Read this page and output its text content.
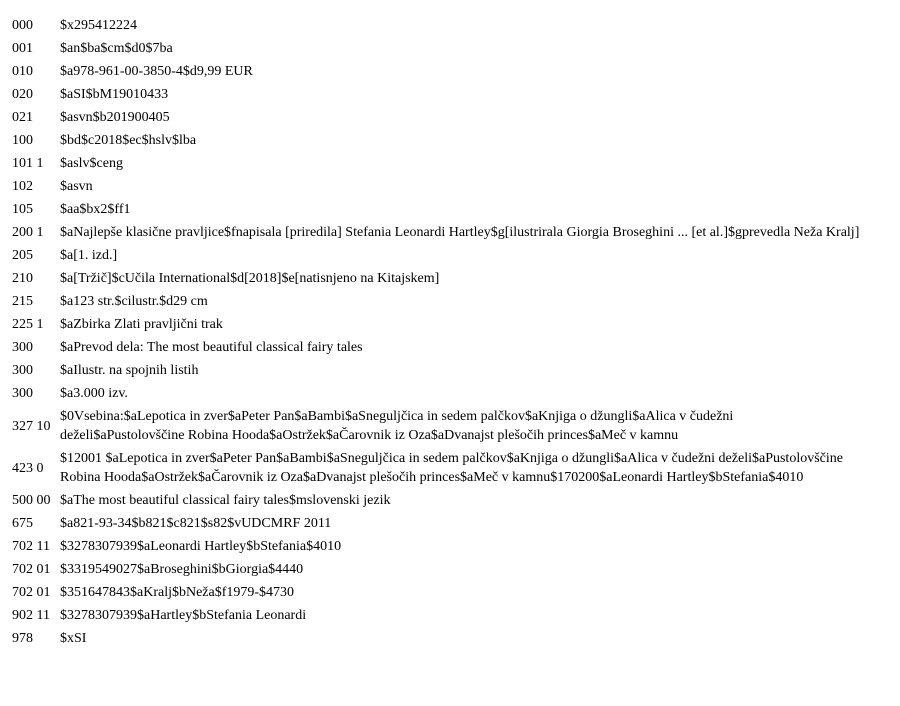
000	$x295412224
001	$an$ba$cm$d0$7ba
010	$a978-961-00-3850-4$d9,99 EUR
020	$aSI$bM19010433
021	$asvn$b201900405
100	$bd$c2018$ec$hslv$lba
101 1	$aslv$ceng
102	$asvn
105	$aa$bx2$ff1
200 1	$aNajlepše klasične pravljice$fnapisala [priredila] Stefania Leonardi Hartley$g[ilustrirala Giorgia Broseghini ... [et al.]$gprevedla Neža Kralj]
205	$a[1. izd.]
210	$a[Tržič]$cUčila International$d[2018]$e[natisnjeno na Kitajskem]
215	$a123 str.$cilustr.$d29 cm
225 1	$aZbirka Zlati pravljični trak
300	$aPrevod dela: The most beautiful classical fairy tales
300	$aIlustr. na spojnih listih
300	$a3.000 izv.
327 10	$0Vsebina:$aLepotica in zver$aPeter Pan$aBambi$aSneguljčica in sedem palčkov$aKnjiga o džungli$aAlica v čudežni deželi$aPustolovščine Robina Hooda$aOstržek$aČarovnik iz Oza$aDvanajst plešočih princes$aMeč v kamnu
423 0	$12001 $aLepotica in zver$aPeter Pan$aBambi$aSneguljčica in sedem palčkov$aKnjiga o džungli$aAlica v čudežni deželi$aPustolovščine Robina Hooda$aOstržek$aČarovnik iz Oza$aDvanajst plešočih princes$aMeč v kamnu$170200$aLeonardi Hartley$bStefania$4010
500 00	$aThe most beautiful classical fairy tales$mslovenski jezik
675	$a821-93-34$b821$c821$s82$vUDCMRF 2011
702 11	$3278307939$aLeonardi Hartley$bStefania$4010
702 01	$3319549027$aBroseghini$bGiorgia$4440
702 01	$351647843$aKralj$bNeža$f1979-$4730
902 11	$3278307939$aHartley$bStefania Leonardi
978	$xSI
